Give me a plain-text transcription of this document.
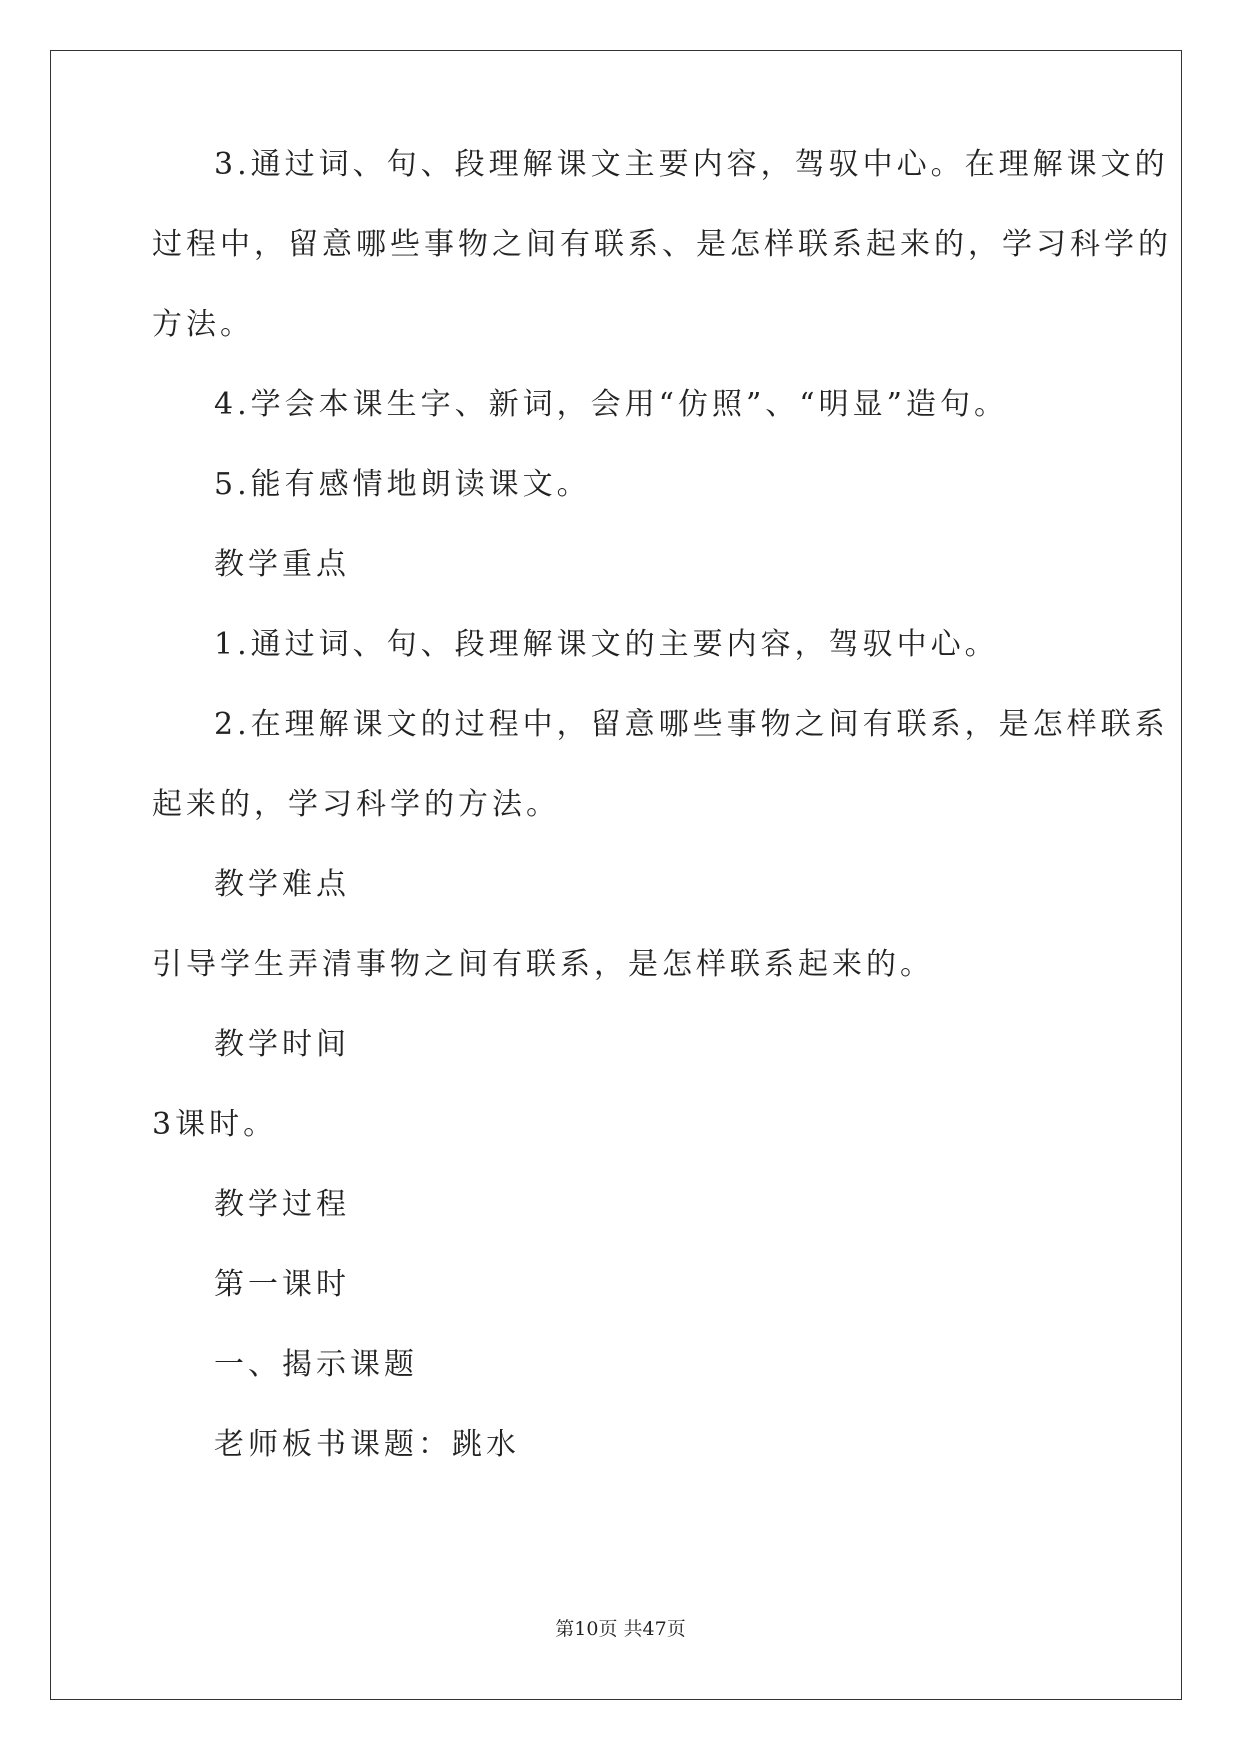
3.通过词、句、段理解课文主要内容，驾驭中心。在理解课文的
过程中，留意哪些事物之间有联系、是怎样联系起来的，学习科学的
方法。
4.学会本课生字、新词，会用“仿照”、“明显”造句。
5.能有感情地朗读课文。
教学重点
1.通过词、句、段理解课文的主要内容，驾驭中心。
2.在理解课文的过程中，留意哪些事物之间有联系，是怎样联系
起来的，学习科学的方法。
教学难点
引导学生弄清事物之间有联系，是怎样联系起来的。
教学时间
3课时。
教学过程
第一课时
一、揭示课题
老师板书课题：跳水
第10页 共47页
